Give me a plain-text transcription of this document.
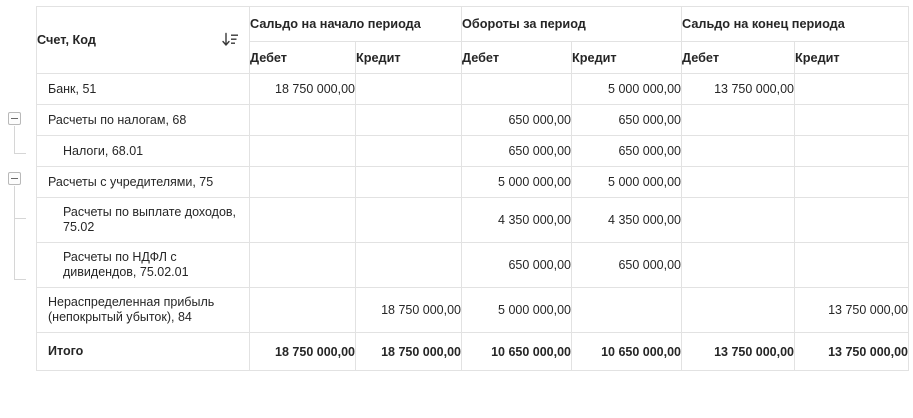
Счет, Код	Сальдо на начало периода		Обороты за период		Сальдо на конец периода	
	Дебет	Кредит	Дебет	Кредит	Дебет	Кредит
Банк, 51	18 750 000,00			5 000 000,00	13 750 000,00	
Расчеты по налогам, 68			650 000,00	650 000,00		
Налоги, 68.01			650 000,00	650 000,00		
Расчеты с учредителями, 75			5 000 000,00	5 000 000,00		
Расчеты по выплате доходов, 75.02			4 350 000,00	4 350 000,00		
Расчеты по НДФЛ с дивидендов, 75.02.01			650 000,00	650 000,00		
Нераспределенная прибыль (непокрытый убыток), 84		18 750 000,00	5 000 000,00			13 750 000,00
Итого	18 750 000,00	18 750 000,00	10 650 000,00	10 650 000,00	13 750 000,00	13 750 000,00
